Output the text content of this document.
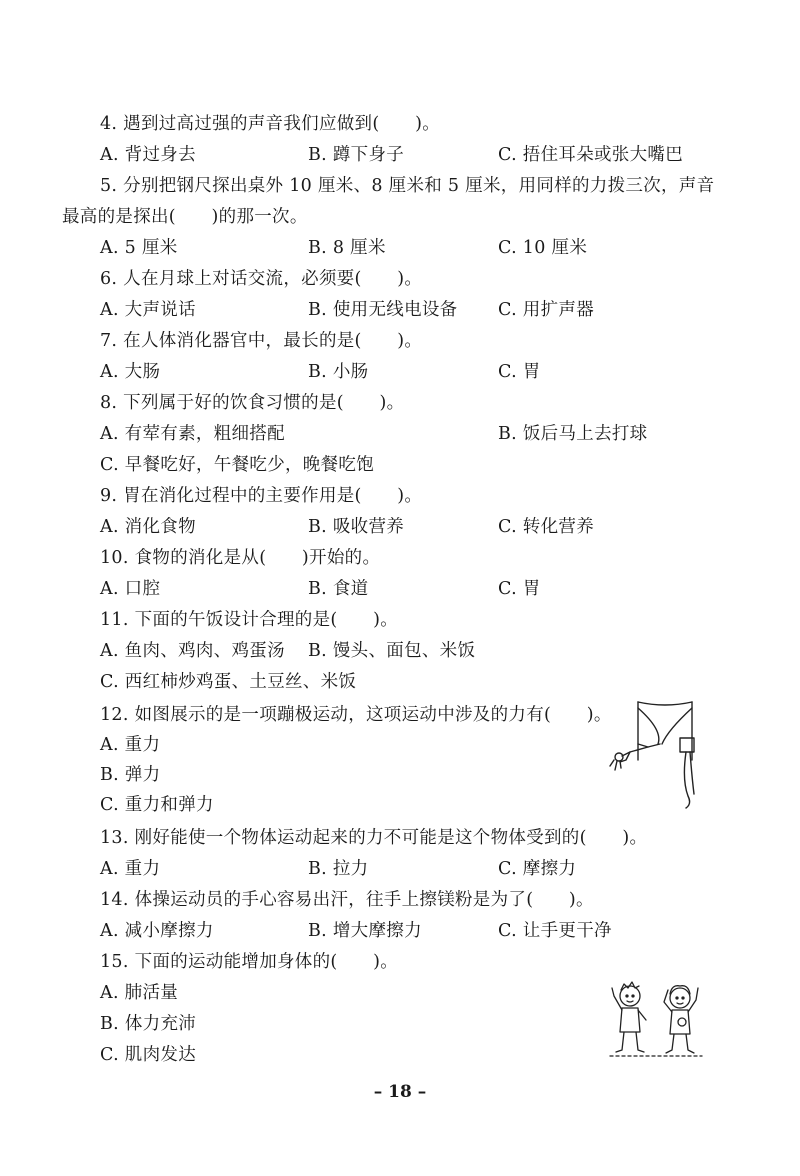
4. 遇到过高过强的声音我们应做到(　　)。
A. 背过身去	B. 蹲下身子	C. 捂住耳朵或张大嘴巴
5. 分别把钢尺探出桌外 10 厘米、8 厘米和 5 厘米，用同样的力拨三次，声音
最高的是探出(　　)的那一次。
A. 5 厘米	B. 8 厘米	C. 10 厘米
6. 人在月球上对话交流，必须要(　　)。
A. 大声说话	B. 使用无线电设备 C. 用扩声器
7. 在人体消化器官中，最长的是(　　)。
A. 大肠	B. 小肠	C. 胃
8. 下列属于好的饮食习惯的是(　　)。
A. 有荤有素，粗细搭配	B. 饭后马上去打球
C. 早餐吃好，午餐吃少，晚餐吃饱
9. 胃在消化过程中的主要作用是(　　)。
A. 消化食物	B. 吸收营养	C. 转化营养
10. 食物的消化是从(　　)开始的。
A. 口腔	B. 食道	C. 胃
11. 下面的午饭设计合理的是(　　)。
A. 鱼肉、鸡肉、鸡蛋汤 B. 馒头、面包、米饭
C. 西红柿炒鸡蛋、土豆丝、米饭
12. 如图展示的是一项蹦极运动，这项运动中涉及的力有(　　)。
A. 重力
B. 弹力
C. 重力和弹力
13. 刚好能使一个物体运动起来的力不可能是这个物体受到的(　　)。
A. 重力	B. 拉力	C. 摩擦力
14. 体操运动员的手心容易出汗，往手上擦镁粉是为了(　　)。
A. 减小摩擦力	B. 增大摩擦力	C. 让手更干净
15. 下面的运动能增加身体的(　　)。
A. 肺活量
B. 体力充沛
C. 肌肉发达
– 18 –
